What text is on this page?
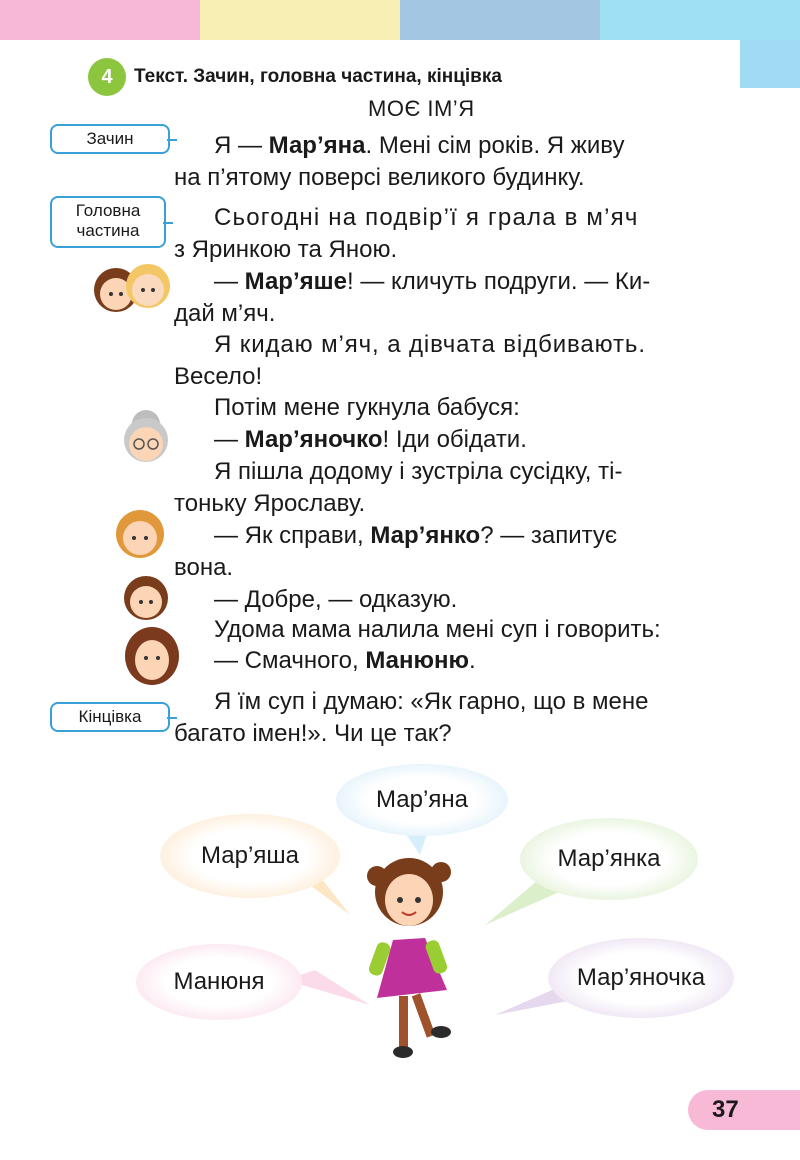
4	Текст. Зачин, головна частина, кінцівка
МОЄ ІМ’Я
Зачин
Головна
частина
Кінцівка
Я — Мар’яна. Мені сім років. Я живу
на п’ятому поверсі великого будинку.
Сьогодні на подвір’ї я грала в м’яч
з Яринкою та Яною.
— Мар’яше! — кличуть подруги. — Ки-
дай м’яч.
Я кидаю м’яч, а дівчата відбивають.
Весело!
Потім мене гукнула бабуся:
— Мар’яночко! Іди обідати.
Я пішла додому і зустріла сусідку, ті-
тоньку Ярославу.
— Як справи, Мар’янко? — запитує
вона.
— Добре, — одказую.
Удома мама налила мені суп і говорить:
— Смачного, Манюню.
Я їм суп і думаю: «Як гарно, що в мене
багато імен!». Чи це так?
Мар’яна
Мар’яша	Мар’янка
Манюня	Мар’яночка
37
